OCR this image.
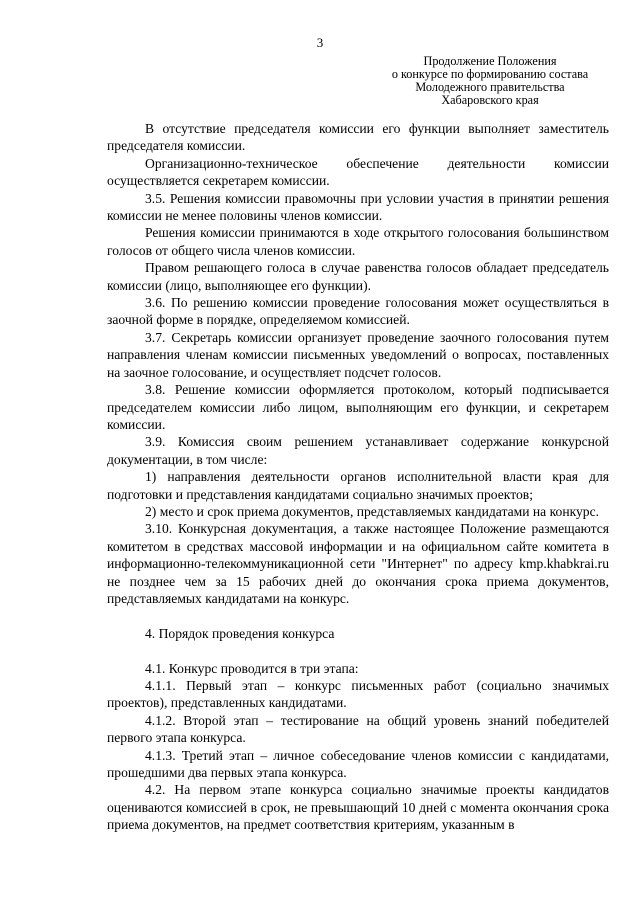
3
Продолжение Положения
о конкурсе по формированию состава
Молодежного правительства
Хабаровского края

В отсутствие председателя комиссии его функции выполняет заместитель председателя комиссии.

Организационно-техническое обеспечение деятельности комиссии осуществляется секретарем комиссии.

3.5. Решения комиссии правомочны при условии участия в принятии решения комиссии не менее половины членов комиссии.

Решения комиссии принимаются в ходе открытого голосования большинством голосов от общего числа членов комиссии.

Правом решающего голоса в случае равенства голосов обладает председатель комиссии (лицо, выполняющее его функции).

3.6. По решению комиссии проведение голосования может осуществляться в заочной форме в порядке, определяемом комиссией.

3.7. Секретарь комиссии организует проведение заочного голосования путем направления членам комиссии письменных уведомлений о вопросах, поставленных на заочное голосование, и осуществляет подсчет голосов.

3.8. Решение комиссии оформляется протоколом, который подписывается председателем комиссии либо лицом, выполняющим его функции, и секретарем комиссии.

3.9. Комиссия своим решением устанавливает содержание конкурсной документации, в том числе:

1) направления деятельности органов исполнительной власти края для подготовки и представления кандидатами социально значимых проектов;

2) место и срок приема документов, представляемых кандидатами на конкурс.

3.10. Конкурсная документация, а также настоящее Положение размещаются комитетом в средствах массовой информации и на официальном сайте комитета в информационно-телекоммуникационной сети "Интернет" по адресу kmp.khabkrai.ru не позднее чем за 15 рабочих дней до окончания срока приема документов, представляемых кандидатами на конкурс.

4. Порядок проведения конкурса

4.1. Конкурс проводится в три этапа:

4.1.1. Первый этап – конкурс письменных работ (социально значимых проектов), представленных кандидатами.

4.1.2. Второй этап – тестирование на общий уровень знаний победителей первого этапа конкурса.

4.1.3. Третий этап – личное собеседование членов комиссии с кандидатами, прошедшими два первых этапа конкурса.

4.2. На первом этапе конкурса социально значимые проекты кандидатов оцениваются комиссией в срок, не превышающий 10 дней с момента окончания срока приема документов, на предмет соответствия критериям, указанным в
